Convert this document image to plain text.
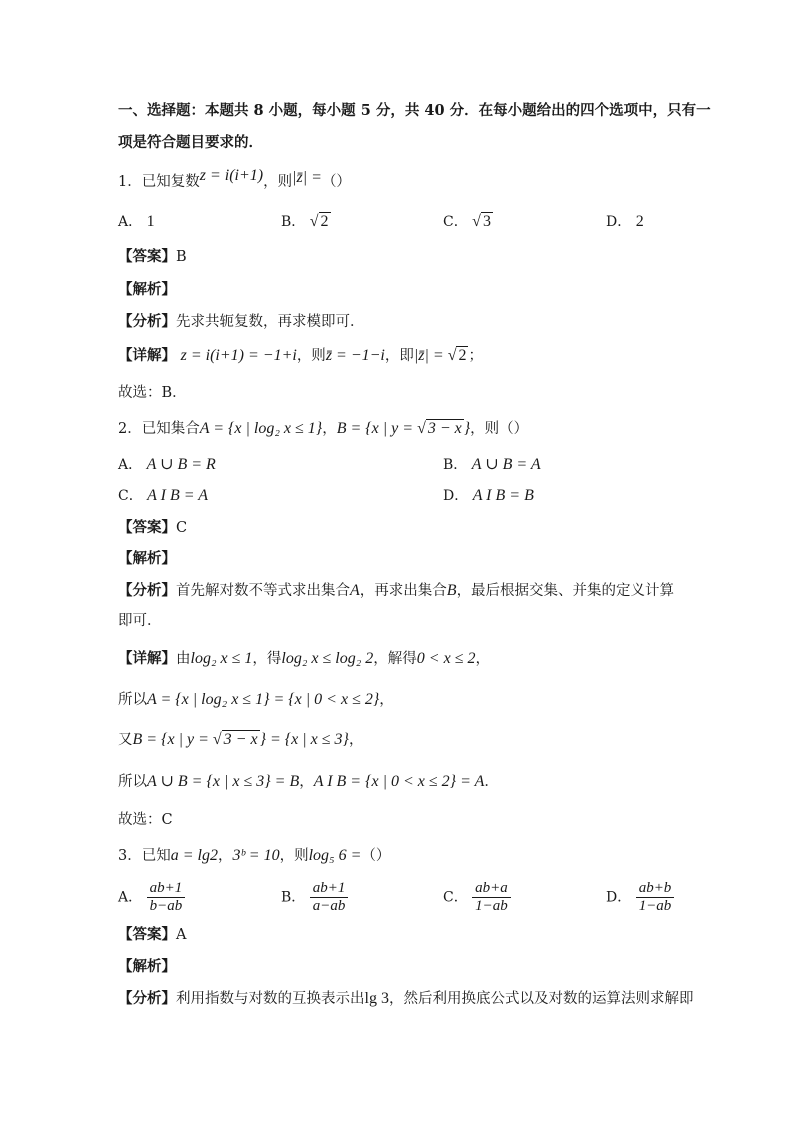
一、选择题：本题共 8 小题，每小题 5 分，共 40 分．在每小题给出的四个选项中，只有一
项是符合题目要求的．
1．已知复数z = i(i+1)，则|z̄| =（）
A． 1	B． √ 2	C． √ 3	D． 2
【答案】B
【解析】
【分析】先求共轭复数，再求模即可．
【详解】 z = i(i+1) = −1+i，则z̄ = −1−i，即|z̄| = √ 2 ；
故选：B．
2．已知集合A = {x | log₂ x ≤ 1}，B = {x | y = √ 3 − x }，则（）
A． A ∪ B = R	B． A ∪ B = A
C． A I B = A	D． A I B = B
【答案】C
【解析】
【分析】首先解对数不等式求出集合A，再求出集合B，最后根据交集、并集的定义计算
即可．
【详解】由log₂ x ≤ 1，得log₂ x ≤ log₂ 2，解得0 < x ≤ 2，
所以A = {x | log₂ x ≤ 1} = {x | 0 < x ≤ 2}，
又B = {x | y = √ 3 − x } = {x | x ≤ 3}，
所以A ∪ B = {x | x ≤ 3} = B，A I B = {x | 0 < x ≤ 2} = A．
故选：C
3．已知a = lg2，3ᵇ = 10，则log₅ 6 =（）
A． $\frac{ab+1}{b-ab}$	B． $\frac{ab+1}{a-ab}$	C． $\frac{ab+a}{1-ab}$	D． $\frac{ab+b}{1-ab}$
【答案】A
【解析】
【分析】利用指数与对数的互换表示出lg 3，然后利用换底公式以及对数的运算法则求解即
